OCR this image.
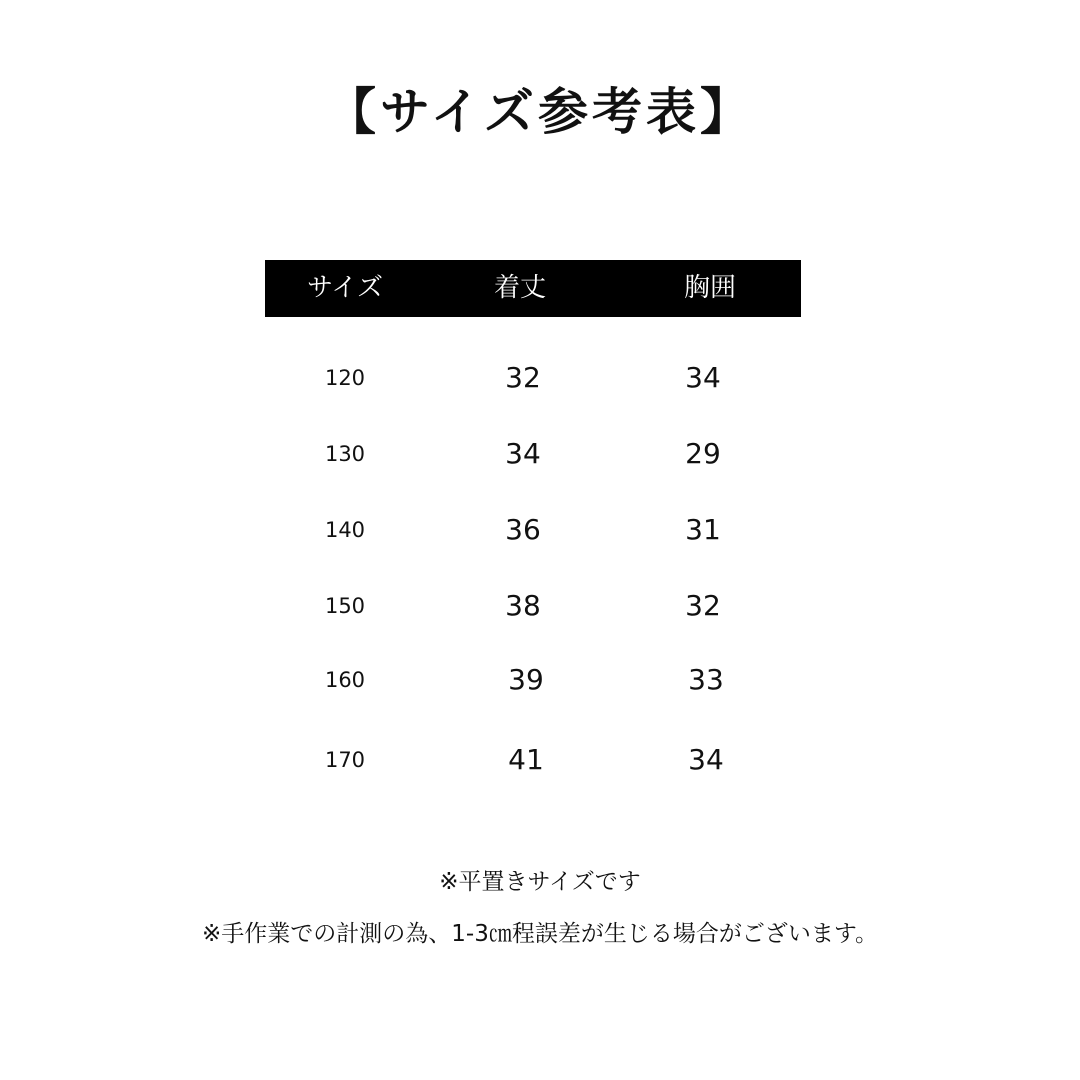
【サイズ参考表】
サイズ	着丈	胸囲
120	32	34
130	34	29
140	36	31
150	38	32
160	39	33
170	41	34
※平置きサイズです
※手作業での計測の為、1-3㎝程誤差が生じる場合がございます。
